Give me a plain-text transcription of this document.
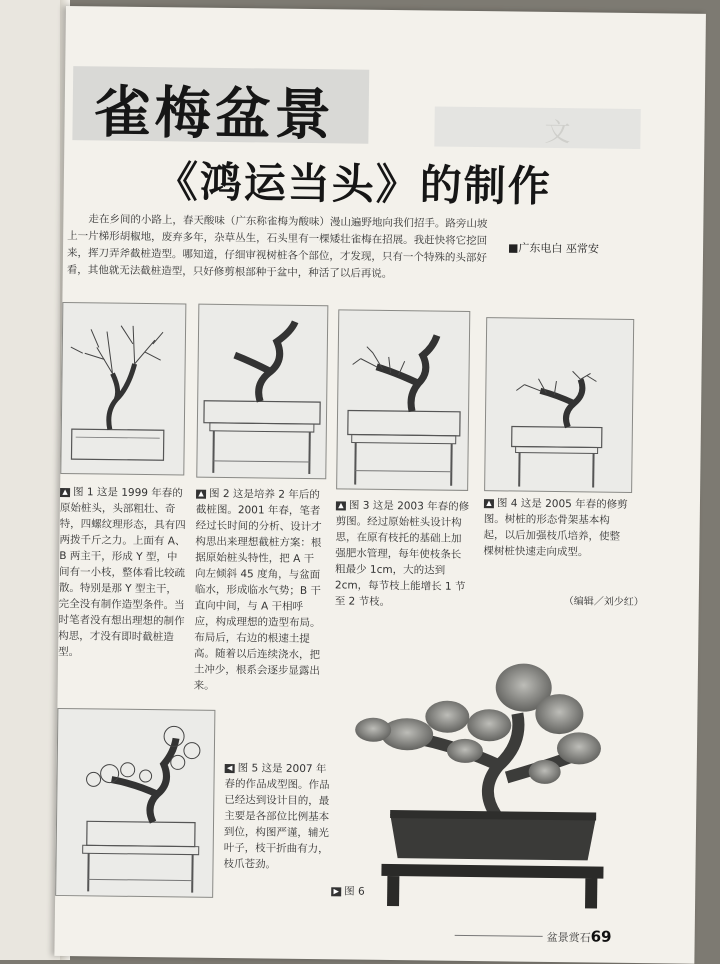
文
雀梅盆景
《鸿运当头》的制作
走在乡间的小路上，春天酸味（广东称雀梅为酸味）漫山遍野地向我们招手。路旁山坡上一片梯形胡椒地，废弃多年，杂草丛生，石头里有一棵矮壮雀梅在招展。我赶快将它挖回来，挥刀弄斧截桩造型。哪知道，仔细审视树桩各个部位，才发现，只有一个特殊的头部好看，其他就无法截桩造型，只好修剪根部种于盆中，种活了以后再说。
■广东电白 巫常安
▲ 图 1 这是 1999 年春的原始桩头，头部粗壮、奇特，四螺纹理形态，具有四两拨千斤之力。上面有 A、B 两主干，形成 Y 型，中间有一小枝，整体看比较疏散。特别是那 Y 型主干，完全没有制作造型条件。当时笔者没有想出理想的制作构思，才没有即时截桩造型。
▲ 图 2 这是培养 2 年后的截桩图。2001 年春，笔者经过长时间的分析、设计才构思出来理想截桩方案：根据原始桩头特性，把 A 干向左倾斜 45 度角，与盆面临水，形成临水气势；B 干直向中间，与 A 干相呼应，构成理想的造型布局。布局后，右边的根速土提高。随着以后连续浇水，把土冲少，根系会逐步显露出来。
▲ 图 3 这是 2003 年春的修剪图。经过原始桩头设计构思，在原有枝托的基础上加强肥水管理，每年使枝条长粗最少 1cm，大的达到 2cm，每节枝上能增长 1 节至 2 节枝。
▲ 图 4 这是 2005 年春的修剪图。树桩的形态骨架基本构起，以后加强枝爪培养，使整棵树桩快速走向成型。
（编辑／刘少红）
◀ 图 5 这是 2007 年春的作品成型图。作品已经达到设计目的，最主要是各部位比例基本到位，构图严谨，辅光叶子，枝干折曲有力，枝爪苍劲。
▶ 图 6
盆景赏石69
